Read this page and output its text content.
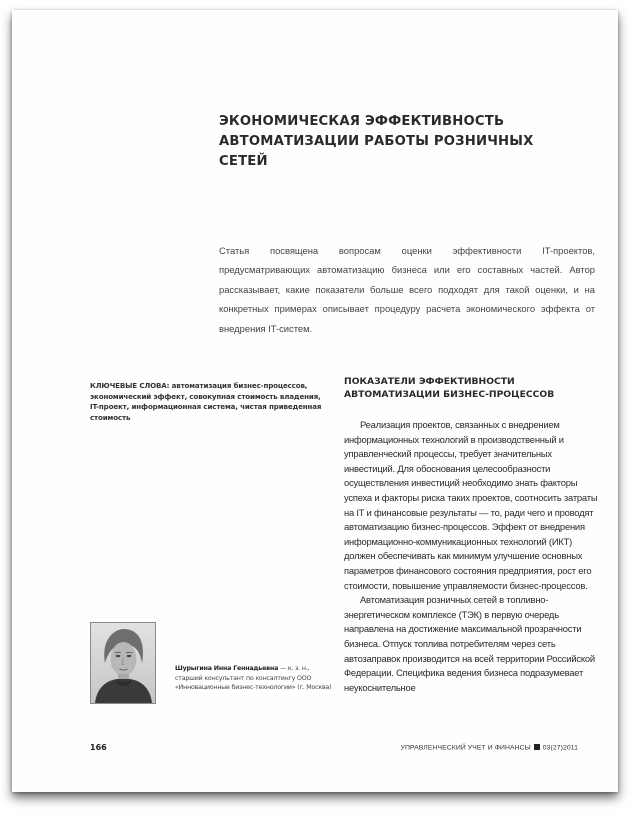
ЭКОНОМИЧЕСКАЯ ЭФФЕКТИВНОСТЬ
АВТОМАТИЗАЦИИ РАБОТЫ РОЗНИЧНЫХ
СЕТЕЙ

Статья посвящена вопросам оценки эффективности IT-проектов, предусматривающих автоматизацию бизнеса или его составных частей. Автор рассказывает, какие показатели больше всего подходят для такой оценки, и на конкретных примерах описывает процедуру расчета экономического эффекта от внедрения IT-систем.

КЛЮЧЕВЫЕ СЛОВА: автоматизация бизнес-процессов, экономический эффект, совокупная стоимость владения, IT-проект, информационная система, чистая приведенная стоимость

Шурыгина Инна Геннадьевна — к. э. н., старший консультант по консалтингу ООО «Инновационные бизнес-технологии» (г. Москва)

ПОКАЗАТЕЛИ ЭФФЕКТИВНОСТИ
АВТОМАТИЗАЦИИ БИЗНЕС-ПРОЦЕССОВ

Реализация проектов, связанных с внедрением информационных технологий в производственный и управленческий процессы, требует значительных инвестиций. Для обоснования целесообразности осуществления инвестиций необходимо знать факторы успеха и факторы риска таких проектов, соотносить затраты на IT и финансовые результаты — то, ради чего и проводят автоматизацию бизнес-процессов. Эффект от внедрения информационно-коммуникационных технологий (ИКТ) должен обеспечивать как минимум улучшение основных параметров финансового состояния предприятия, рост его стоимости, повышение управляемости бизнес-процессов.

Автоматизация розничных сетей в топливно-энергетическом комплексе (ТЭК) в первую очередь направлена на достижение максимальной прозрачности бизнеса. Отпуск топлива потребителям через сеть автозаправок производится на всей территории Российской Федерации. Специфика ведения бизнеса подразумевает неукоснительное

166	УПРАВЛЕНЧЕСКИЙ УЧЕТ И ФИНАНСЫ 03(27)2011
